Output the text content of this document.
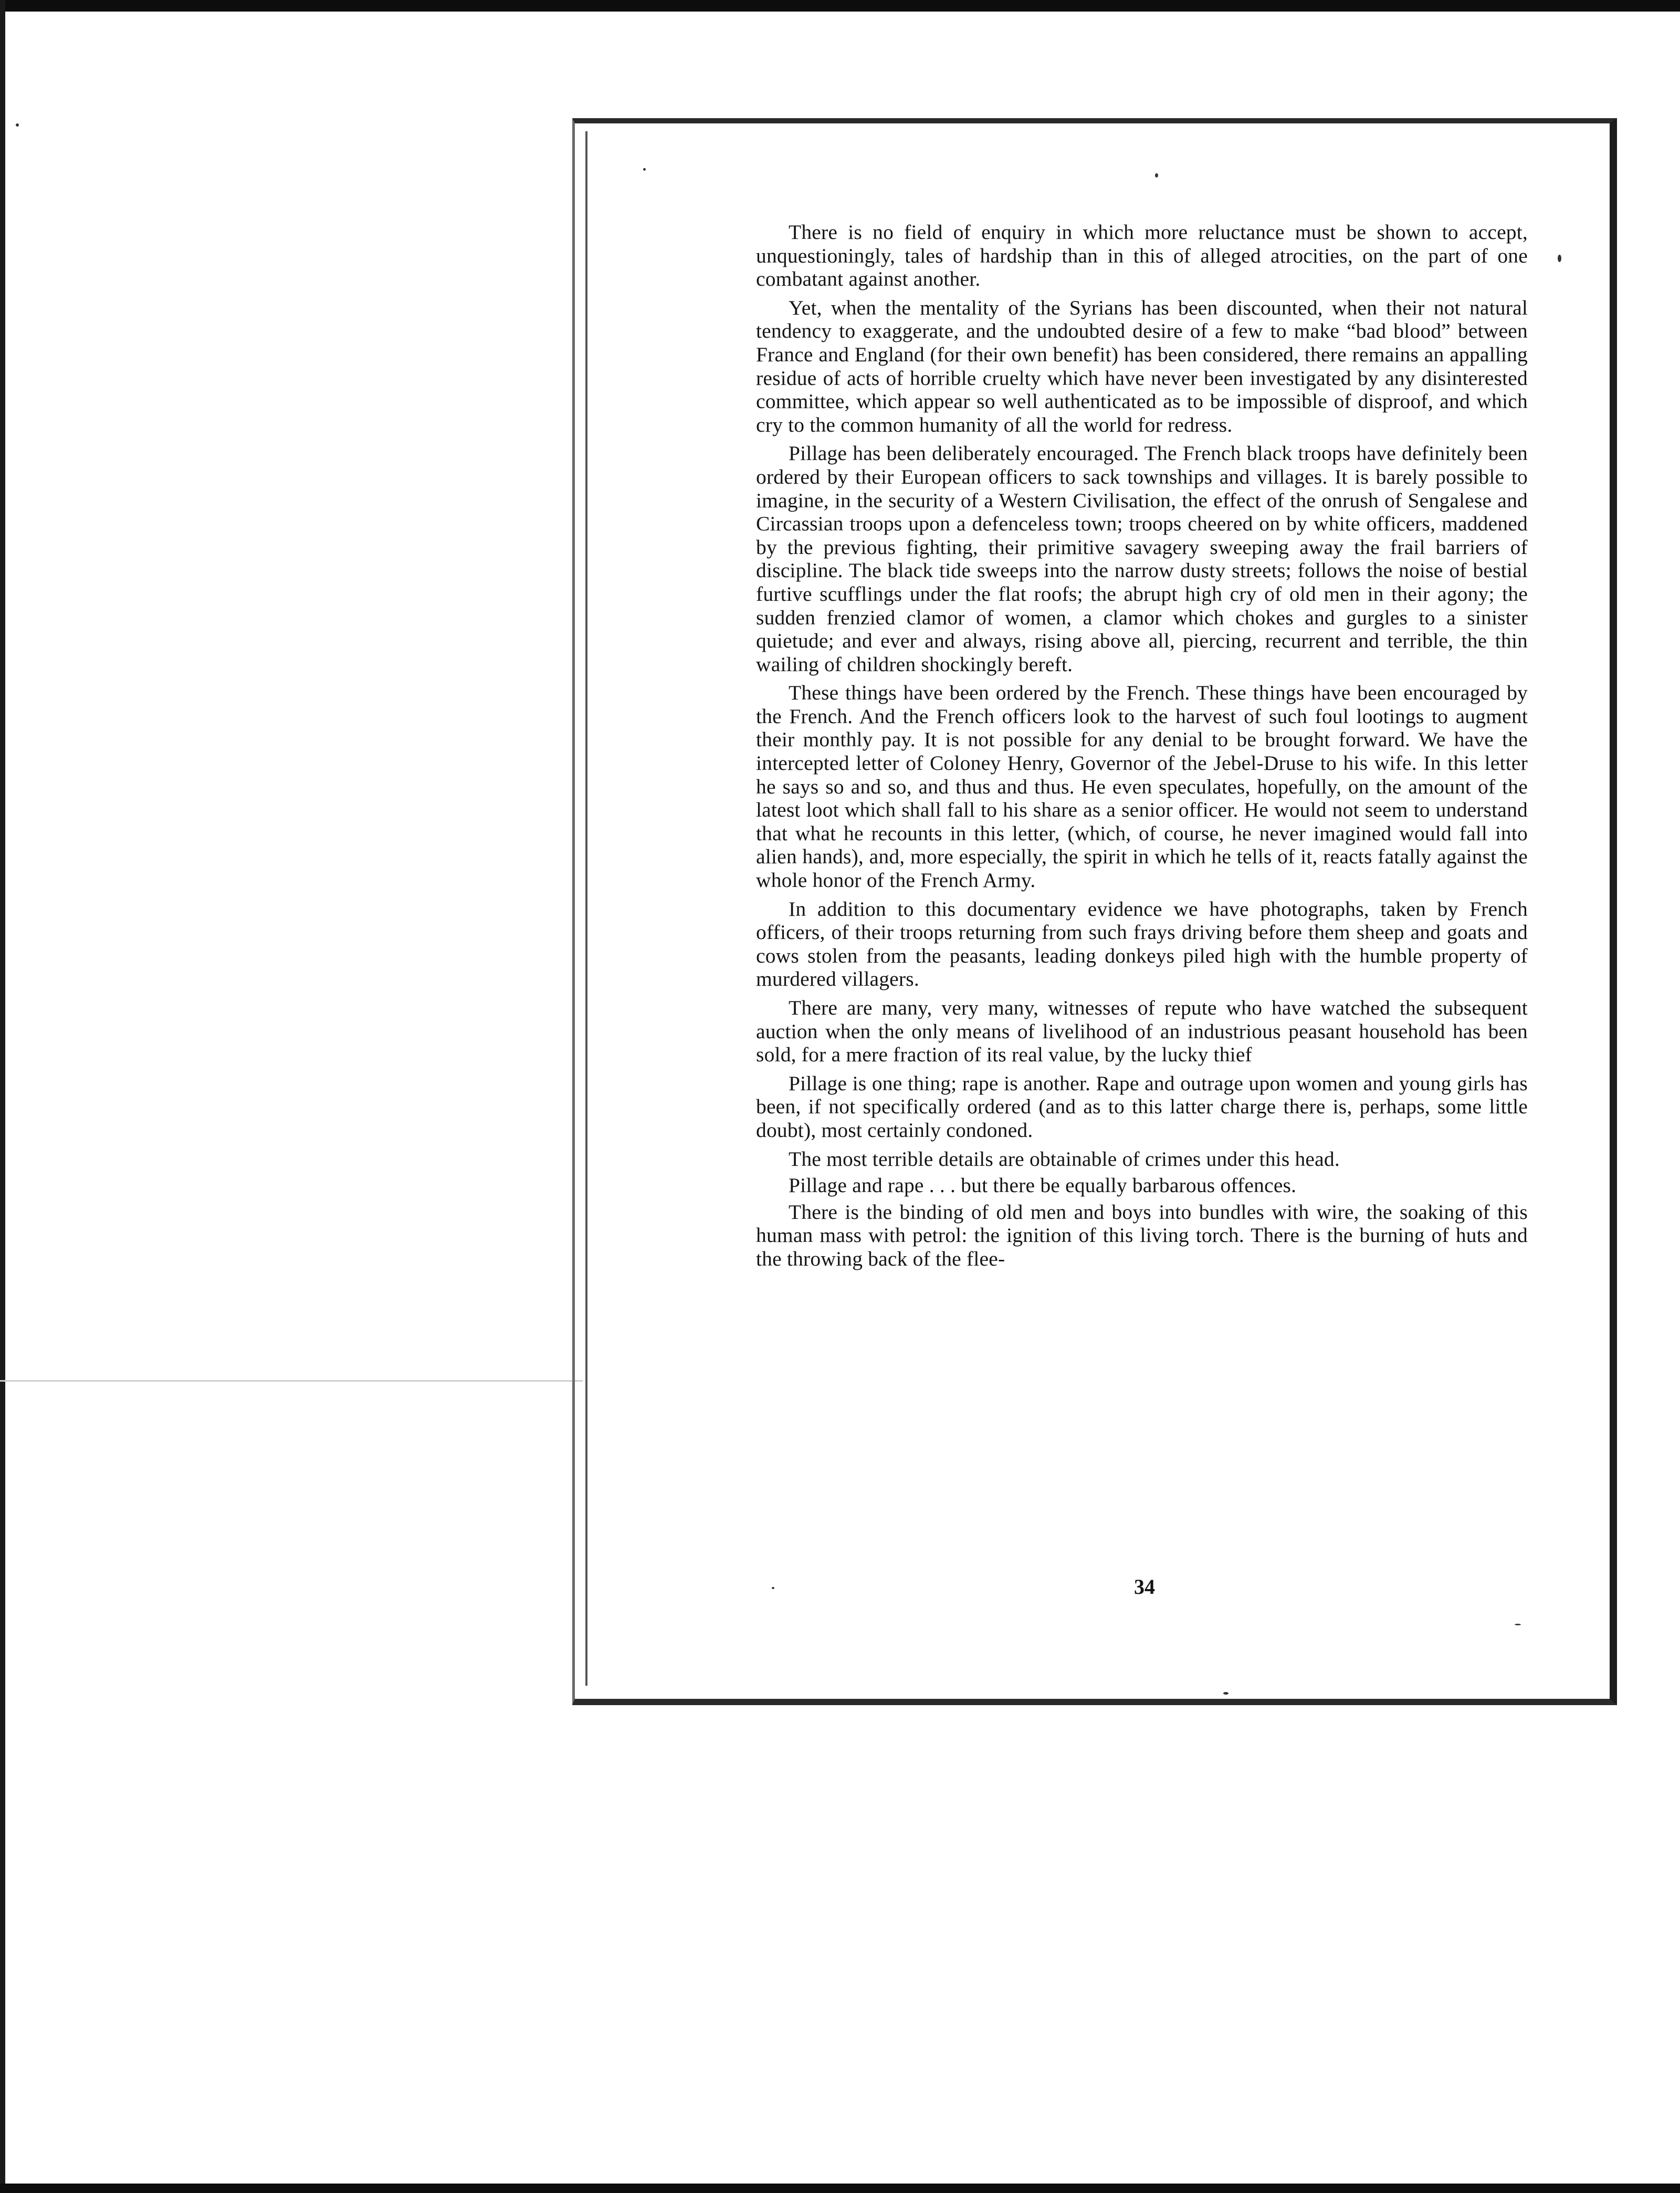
There is no field of enquiry in which more reluctance must be shown to accept, unquestioningly, tales of hardship than in this of alleged atrocities, on the part of one combatant against another.

Yet, when the mentality of the Syrians has been discounted, when their not natural tendency to exaggerate, and the undoubted desire of a few to make “bad blood” between France and England (for their own benefit) has been considered, there remains an appalling residue of acts of horrible cruelty which have never been investigated by any disinterested committee, which appear so well authenticated as to be impossible of disproof, and which cry to the common humanity of all the world for redress.

Pillage has been deliberately encouraged. The French black troops have definitely been ordered by their European officers to sack townships and villages. It is barely possible to imagine, in the security of a Western Civilisation, the effect of the onrush of Sengalese and Circassian troops upon a defenceless town; troops cheered on by white officers, maddened by the previous fighting, their primitive savagery sweeping away the frail barriers of discipline. The black tide sweeps into the narrow dusty streets; follows the noise of bestial furtive scufflings under the flat roofs; the abrupt high cry of old men in their agony; the sudden frenzied clamor of women, a clamor which chokes and gurgles to a sinister quietude; and ever and always, rising above all, piercing, recurrent and terrible, the thin wailing of children shockingly bereft.

These things have been ordered by the French. These things have been encouraged by the French. And the French officers look to the harvest of such foul lootings to augment their monthly pay. It is not possible for any denial to be brought forward. We have the intercepted letter of Coloney Henry, Governor of the Jebel-Druse to his wife. In this letter he says so and so, and thus and thus. He even speculates, hopefully, on the amount of the latest loot which shall fall to his share as a senior officer. He would not seem to understand that what he recounts in this letter, (which, of course, he never imagined would fall into alien hands), and, more especially, the spirit in which he tells of it, reacts fatally against the whole honor of the French Army.

In addition to this documentary evidence we have photographs, taken by French officers, of their troops returning from such frays driving before them sheep and goats and cows stolen from the peasants, leading donkeys piled high with the humble property of murdered villagers.

There are many, very many, witnesses of repute who have watched the subsequent auction when the only means of livelihood of an industrious peasant household has been sold, for a mere fraction of its real value, by the lucky thief

Pillage is one thing; rape is another. Rape and outrage upon women and young girls has been, if not specifically ordered (and as to this latter charge there is, perhaps, some little doubt), most certainly condoned.

The most terrible details are obtainable of crimes under this head.

Pillage and rape . . . but there be equally barbarous offences.

There is the binding of old men and boys into bundles with wire, the soaking of this human mass with petrol: the ignition of this living torch. There is the burning of huts and the throwing back of the flee-

34
